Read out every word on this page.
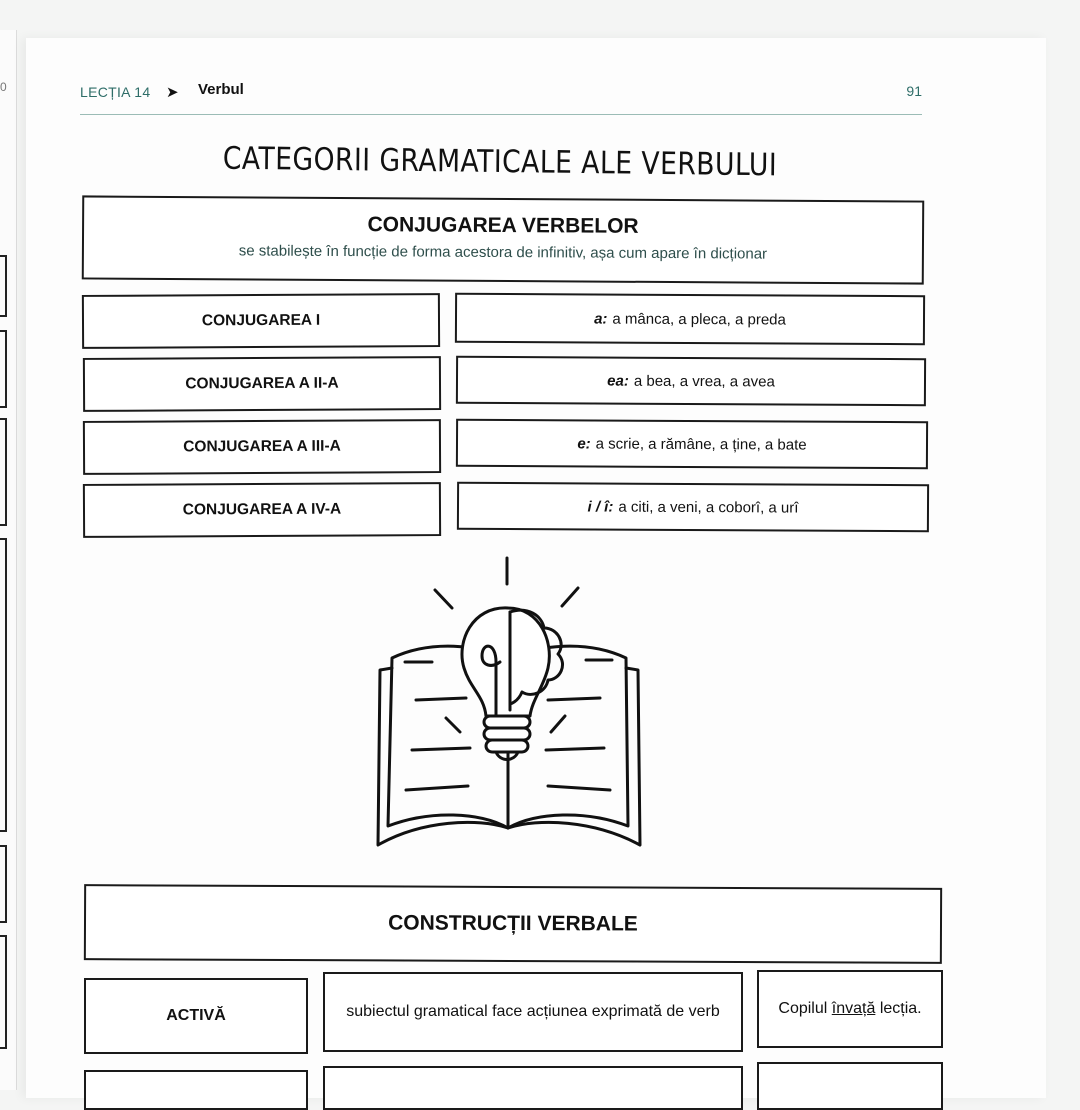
0	LECȚIA 14 ➤ Verbul	91
CATEGORII GRAMATICALE ALE VERBULUI
CONJUGAREA VERBELOR
se stabilește în funcție de forma acestora de infinitiv, așa cum apare în dicționar
CONJUGAREA I	a: a mânca, a pleca, a preda
CONJUGAREA A II-A	ea: a bea, a vrea, a avea
CONJUGAREA A III-A	e: a scrie, a rămâne, a ține, a bate
CONJUGAREA A IV-A	i / î: a citi, a veni, a coborî, a urî
CONSTRUCȚII VERBALE
ACTIVĂ	subiectul gramatical face acțiunea exprimată de verb	Copilul învață lecția.
